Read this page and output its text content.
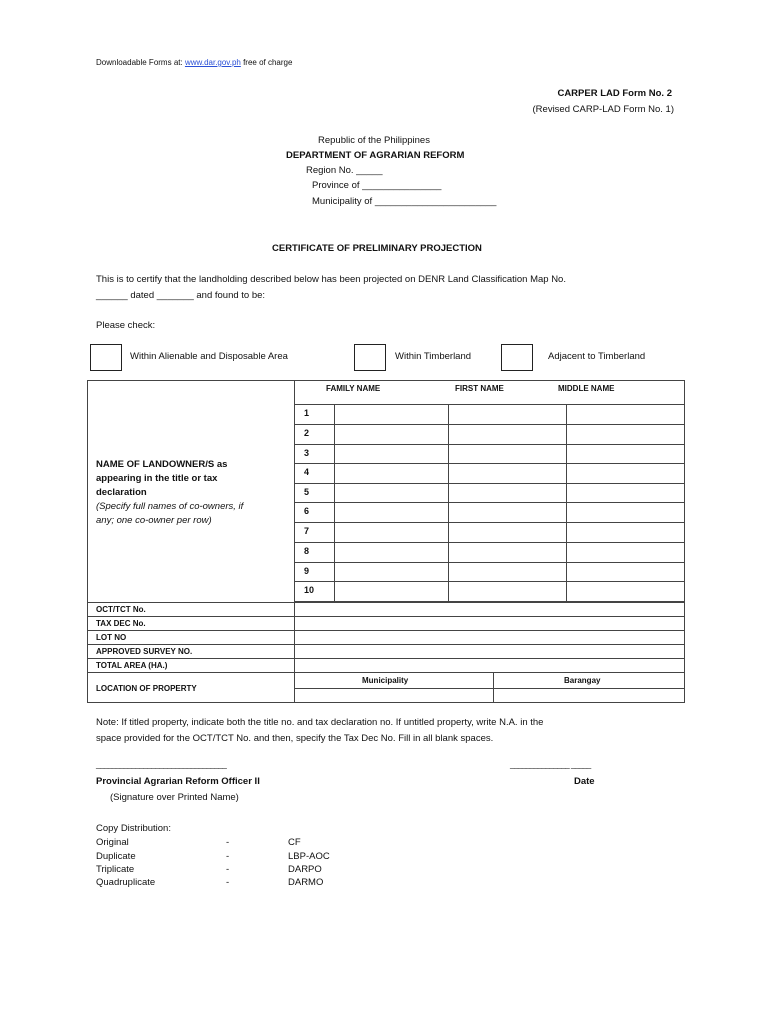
Downloadable Forms at: www.dar.gov.ph free of charge
CARPER LAD Form No. 2
(Revised CARP-LAD Form No. 1)
Republic of the Philippines
DEPARTMENT OF AGRARIAN REFORM
Region No. _____
Province of _______________
Municipality of _______________________
CERTIFICATE OF PRELIMINARY PROJECTION
This is to certify that the landholding described below has been projected on DENR Land Classification Map No.
______ dated _______ and found to be:
Please check:
Within Alienable and Disposable Area	Within Timberland	Adjacent to Timberland
FAMILY NAME	FIRST NAME	MIDDLE NAME
1
2
3
4
5
6
7
8
9
10
NAME OF LANDOWNER/S as
appearing in the title or tax
declaration
(Specify full names of co-owners, if
any; one co-owner per row)
OCT/TCT No.
TAX DEC No.
LOT NO
APPROVED SURVEY NO.
TOTAL AREA (HA.)
LOCATION OF PROPERTY
Municipality	Barangay
Note: If titled property, indicate both the title no. and tax declaration no. If untitled property, write N.A. in the
space provided for the OCT/TCT No. and then, specify the Tax Dec No. Fill in all blank spaces.
_________________________________	_______________ _____
Provincial Agrarian Reform Officer II	Date
(Signature over Printed Name)
Copy Distribution:
Original	-	CF
Duplicate	-	LBP-AOC
Triplicate	-	DARPO
Quadruplicate	-	DARMO
